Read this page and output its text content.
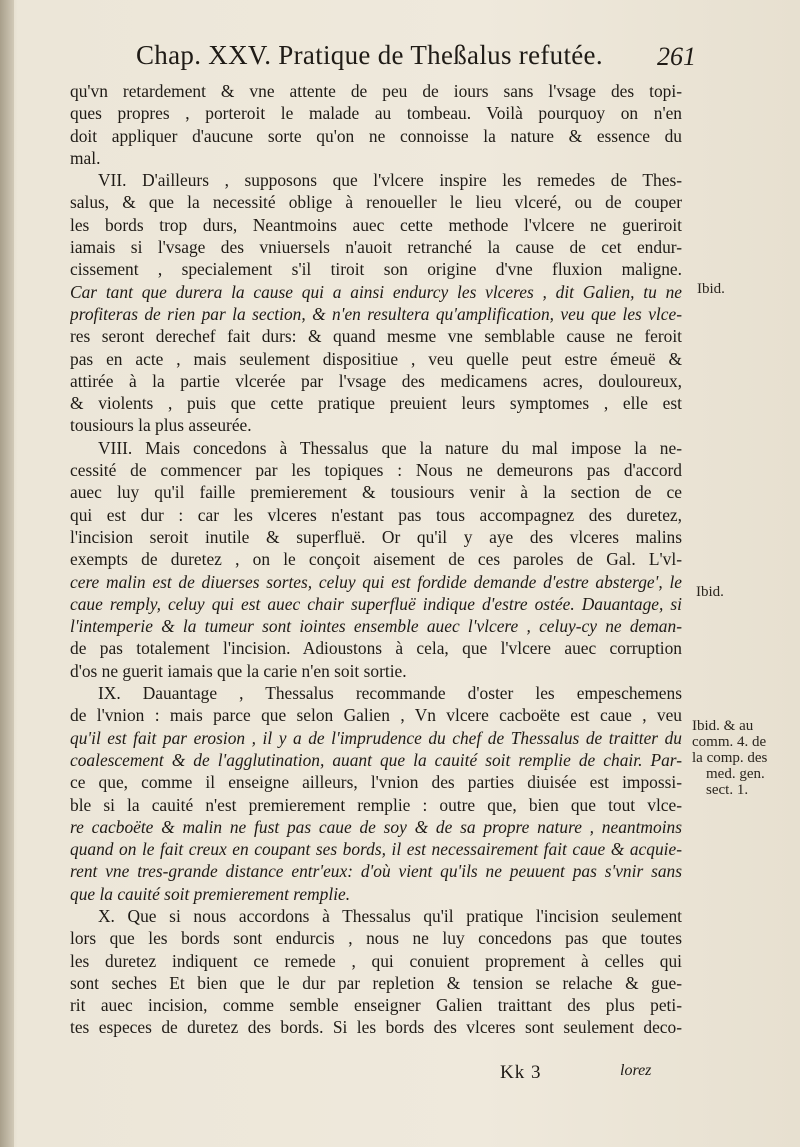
Chap. XXV. Pratique de Theßalus refutée. 261
qu'vn retardement & vne attente de peu de iours sans l'vsage des topi-
ques propres , porteroit le malade au tombeau. Voilà pourquoy on n'en
doit appliquer d'aucune sorte qu'on ne connoisse la nature & essence du
mal.
VII. D'ailleurs , supposons que l'vlcere inspire les remedes de Thes-
salus, & que la necessité oblige à renoueller le lieu vlceré, ou de couper
les bords trop durs, Neantmoins auec cette methode l'vlcere ne gueriroit
iamais si l'vsage des vniuersels n'auoit retranché la cause de cet endur-
cissement , specialement s'il tiroit son origine d'vne fluxion maligne.
Car tant que durera la cause qui a ainsi endurcy les vlceres , dit Galien, tu ne
profiteras de rien par la section, & n'en resultera qu'amplification, veu que les vlce-
res seront derechef fait durs: & quand mesme vne semblable cause ne feroit
pas en acte , mais seulement dispositiue , veu quelle peut estre émeuë &
attirée à la partie vlcerée par l'vsage des medicamens acres, douloureux,
& violents , puis que cette pratique preuient leurs symptomes , elle est
tousiours la plus asseurée.
VIII. Mais concedons à Thessalus que la nature du mal impose la ne-
cessité de commencer par les topiques : Nous ne demeurons pas d'accord
auec luy qu'il faille premierement & tousiours venir à la section de ce
qui est dur : car les vlceres n'estant pas tous accompagnez des duretez,
l'incision seroit inutile & superfluë. Or qu'il y aye des vlceres malins
exempts de duretez , on le conçoit aisement de ces paroles de Gal. L'vl-
cere malin est de diuerses sortes, celuy qui est fordide demande d'estre absterge', le
caue remply, celuy qui est auec chair superfluë indique d'estre ostée. Dauantage, si
l'intemperie & la tumeur sont iointes ensemble auec l'vlcere , celuy-cy ne deman-
de pas totalement l'incision. Adioustons à cela, que l'vlcere auec corruption
d'os ne guerit iamais que la carie n'en soit sortie.
IX. Dauantage , Thessalus recommande d'oster les empeschemens
de l'vnion : mais parce que selon Galien , Vn vlcere cacboëte est caue , veu
qu'il est fait par erosion , il y a de l'imprudence du chef de Thessalus de traitter du
coalescement & de l'agglutination, auant que la cauité soit remplie de chair. Par-
ce que, comme il enseigne ailleurs, l'vnion des parties diuisée est impossi-
ble si la cauité n'est premierement remplie : outre que, bien que tout vlce-
re cacboëte & malin ne fust pas caue de soy & de sa propre nature , neantmoins
quand on le fait creux en coupant ses bords, il est necessairement fait caue & acquie-
rent vne tres-grande distance entr'eux: d'où vient qu'ils ne peuuent pas s'vnir sans
que la cauité soit premierement remplie.
X. Que si nous accordons à Thessalus qu'il pratique l'incision seulement
lors que les bords sont endurcis , nous ne luy concedons pas que toutes
les duretez indiquent ce remede , qui conuient proprement à celles qui
sont seches Et bien que le dur par repletion & tension se relache & gue-
rit auec incision, comme semble enseigner Galien traittant des plus peti-
tes especes de duretez des bords. Si les bords des vlceres sont seulement deco-
Ibid.
Ibid.
Ibid. & au
comm. 4. de
la comp. des
med. gen.
sect. 1.
Kk 3	lorez
